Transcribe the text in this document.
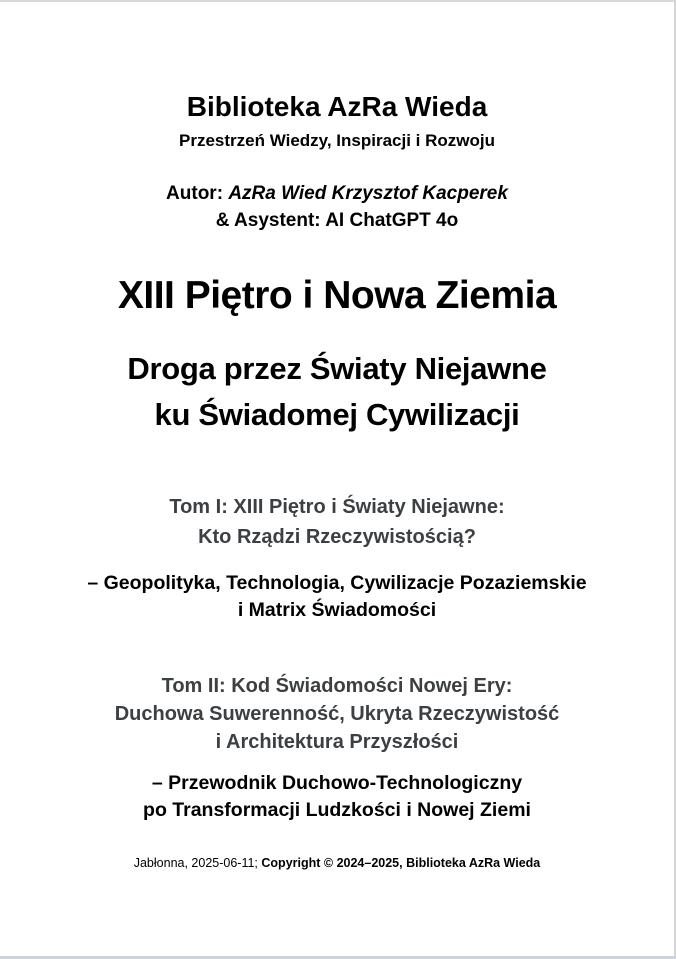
Biblioteka AzRa Wieda
Przestrzeń Wiedzy, Inspiracji i Rozwoju
Autor: AzRa Wied Krzysztof Kacperek
& Asystent: AI ChatGPT 4o
XIII Piętro i Nowa Ziemia
Droga przez Światy Niejawne
ku Świadomej Cywilizacji
Tom I: XIII Piętro i Światy Niejawne:
Kto Rządzi Rzeczywistością?
– Geopolityka, Technologia, Cywilizacje Pozaziemskie
i Matrix Świadomości
Tom II: Kod Świadomości Nowej Ery:
Duchowa Suwerenność, Ukryta Rzeczywistość
i Architektura Przyszłości
– Przewodnik Duchowo-Technologiczny
po Transformacji Ludzkości i Nowej Ziemi
Jabłonna, 2025-06-11; Copyright © 2024–2025, Biblioteka AzRa Wieda
